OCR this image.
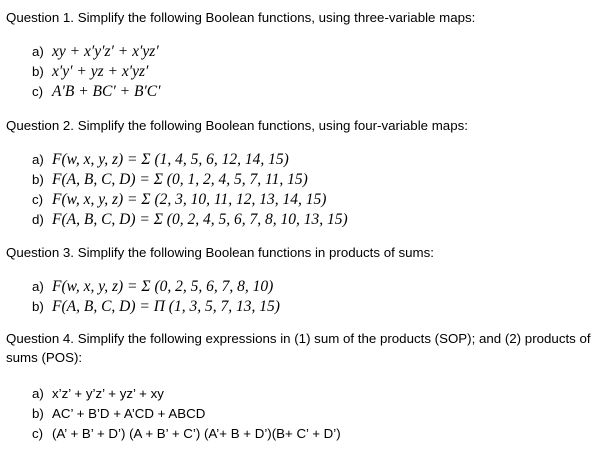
Question 1. Simplify the following Boolean functions, using three-variable maps:
a) xy + x′y′z′ + x′yz′
b) x′y′ + yz + x′yz′
c) A′B + BC′ + B′C′
Question 2. Simplify the following Boolean functions, using four-variable maps:
a) F(w, x, y, z) = Σ (1, 4, 5, 6, 12, 14, 15)
b) F(A, B, C, D) = Σ (0, 1, 2, 4, 5, 7, 11, 15)
c) F(w, x, y, z) = Σ (2, 3, 10, 11, 12, 13, 14, 15)
d) F(A, B, C, D) = Σ (0, 2, 4, 5, 6, 7, 8, 10, 13, 15)
Question 3. Simplify the following Boolean functions in products of sums:
a) F(w, x, y, z) = Σ (0, 2, 5, 6, 7, 8, 10)
b) F(A, B, C, D) = Π (1, 3, 5, 7, 13, 15)
Question 4. Simplify the following expressions in (1) sum of the products (SOP); and (2) products of sums (POS):
a) x’z’ + y’z’ + yz’ + xy
b) AC’ + B’D + A’CD + ABCD
c) (A’ + B’ + D’) (A + B’ + C’) (A’+ B + D’)(B+ C’ + D’)
